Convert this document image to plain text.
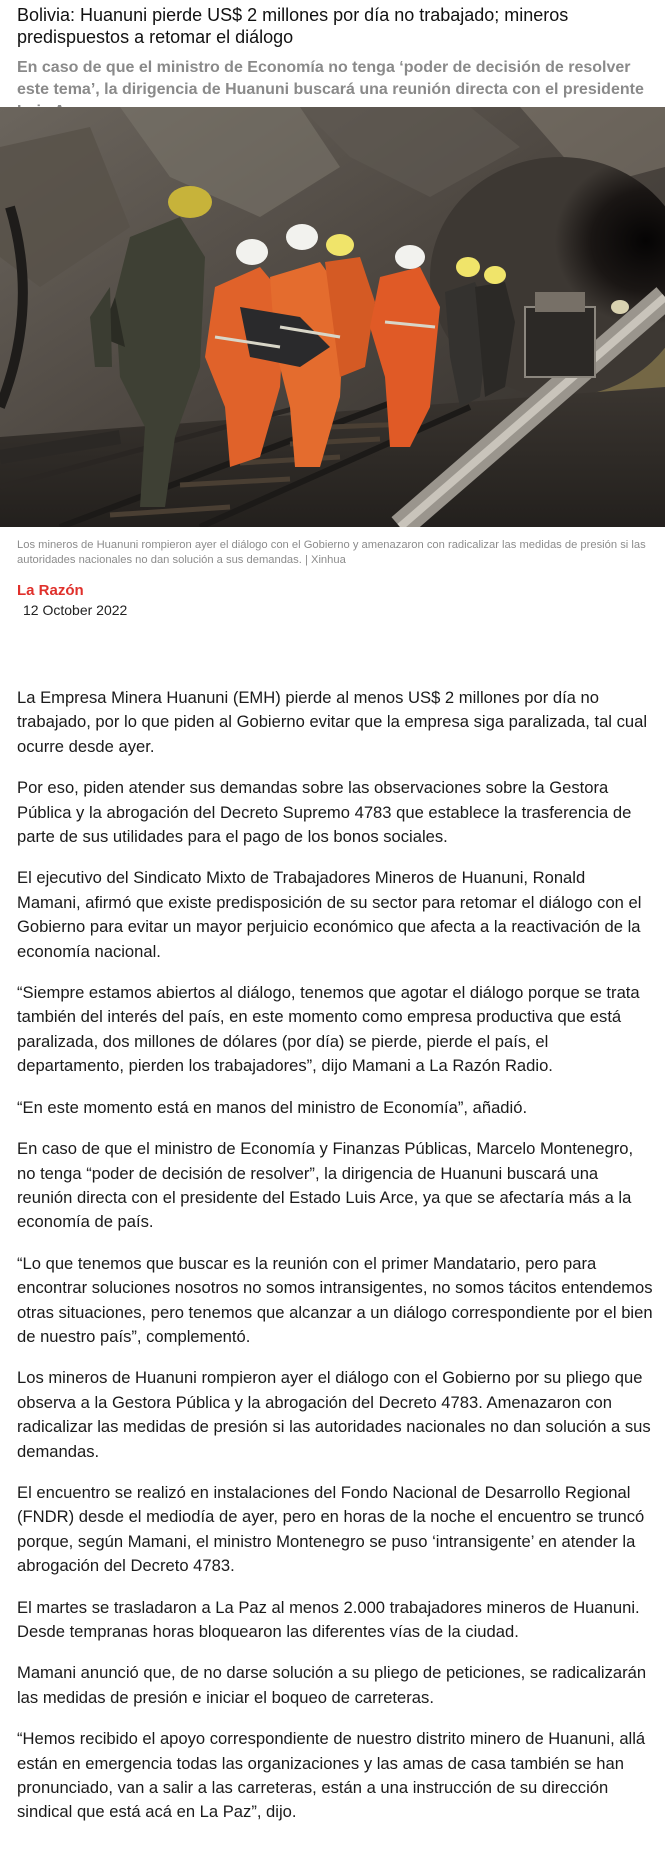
Bolivia: Huanuni pierde US$ 2 millones por día no trabajado; mineros predispuestos a retomar el diálogo

En caso de que el ministro de Economía no tenga ‘poder de decisión de resolver este tema’, la dirigencia de Huanuni buscará una reunión directa con el presidente

Los mineros de Huanuni rompieron ayer el diálogo con el Gobierno y amenazaron con radicalizar las medidas de presión si las autoridades nacionales no dan solución a sus demandas. | Xinhua

La Razón
12 October 2022

La Empresa Minera Huanuni (EMH) pierde al menos US$ 2 millones por día no trabajado, por lo que piden al Gobierno evitar que la empresa siga paralizada, tal cual ocurre desde ayer.

Por eso, piden atender sus demandas sobre las observaciones sobre la Gestora Pública y la abrogación del Decreto Supremo 4783 que establece la trasferencia de parte de sus utilidades para el pago de los bonos sociales.

El ejecutivo del Sindicato Mixto de Trabajadores Mineros de Huanuni, Ronald Mamani, afirmó que existe predisposición de su sector para retomar el diálogo con el Gobierno para evitar un mayor perjuicio económico que afecta a la reactivación de la economía nacional.

“Siempre estamos abiertos al diálogo, tenemos que agotar el diálogo porque se trata también del interés del país, en este momento como empresa productiva que está paralizada, dos millones de dólares (por día) se pierde, pierde el país, el departamento, pierden los trabajadores”, dijo Mamani a La Razón Radio.

“En este momento está en manos del ministro de Economía”, añadió.

En caso de que el ministro de Economía y Finanzas Públicas, Marcelo Montenegro, no tenga “poder de decisión de resolver”, la dirigencia de Huanuni buscará una reunión directa con el presidente del Estado Luis Arce, ya que se afectaría más a la economía de país.

“Lo que tenemos que buscar es la reunión con el primer Mandatario, pero para encontrar soluciones nosotros no somos intransigentes, no somos tácitos entendemos otras situaciones, pero tenemos que alcanzar a un diálogo correspondiente por el bien de nuestro país”, complementó.

Los mineros de Huanuni rompieron ayer el diálogo con el Gobierno por su pliego que observa a la Gestora Pública y la abrogación del Decreto 4783. Amenazaron con radicalizar las medidas de presión si las autoridades nacionales no dan solución a sus demandas.

El encuentro se realizó en instalaciones del Fondo Nacional de Desarrollo Regional (FNDR) desde el mediodía de ayer, pero en horas de la noche el encuentro se truncó porque, según Mamani, el ministro Montenegro se puso ‘intransigente’ en atender la abrogación del Decreto 4783.

El martes se trasladaron a La Paz al menos 2.000 trabajadores mineros de Huanuni. Desde tempranas horas bloquearon las diferentes vías de la ciudad.

Mamani anunció que, de no darse solución a su pliego de peticiones, se radicalizarán las medidas de presión e iniciar el boqueo de carreteras.

“Hemos recibido el apoyo correspondiente de nuestro distrito minero de Huanuni, allá están en emergencia todas las organizaciones y las amas de casa también se han pronunciado, van a salir a las carreteras, están a una instrucción de su dirección sindical que está acá en La Paz”, dijo.
